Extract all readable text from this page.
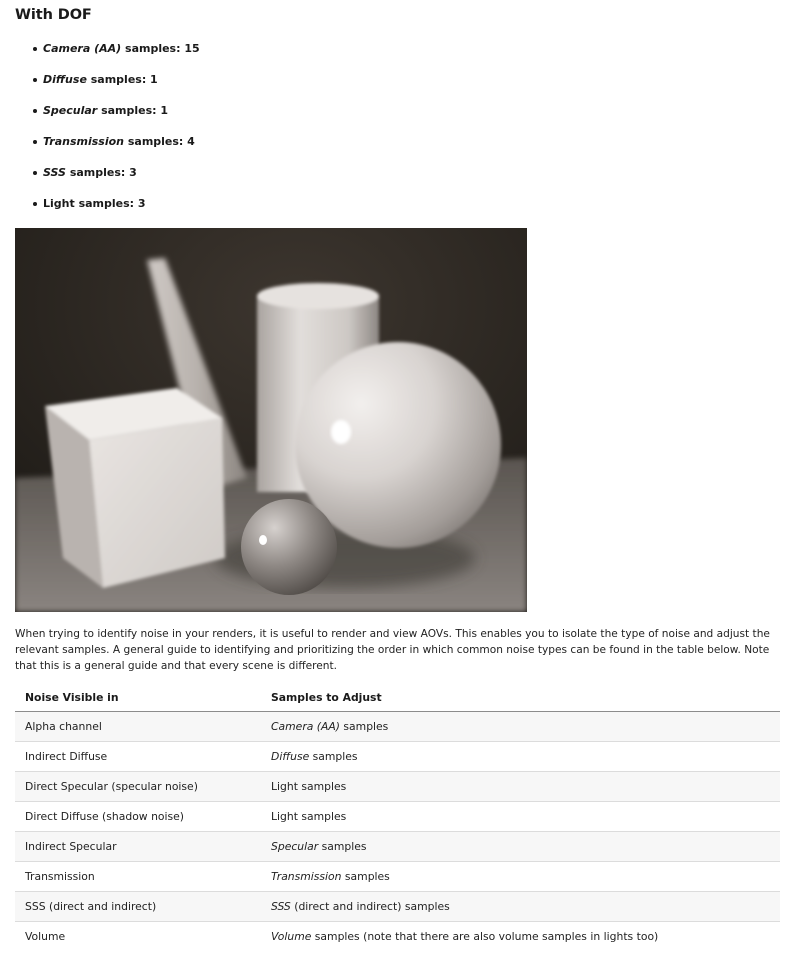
With DOF
Camera (AA) samples: 15
Diffuse samples: 1
Specular samples: 1
Transmission samples: 4
SSS samples: 3
Light samples: 3

When trying to identify noise in your renders, it is useful to render and view AOVs. This enables you to isolate the type of noise and adjust the relevant samples. A general guide to identifying and prioritizing the order in which common noise types can be found in the table below. Note that this is a general guide and that every scene is different.

Noise Visible in	Samples to Adjust
Alpha channel	Camera (AA) samples
Indirect Diffuse	Diffuse samples
Direct Specular (specular noise)	Light samples
Direct Diffuse (shadow noise)	Light samples
Indirect Specular	Specular samples
Transmission	Transmission samples
SSS (direct and indirect)	SSS (direct and indirect) samples
Volume	Volume samples (note that there are also volume samples in lights too)
